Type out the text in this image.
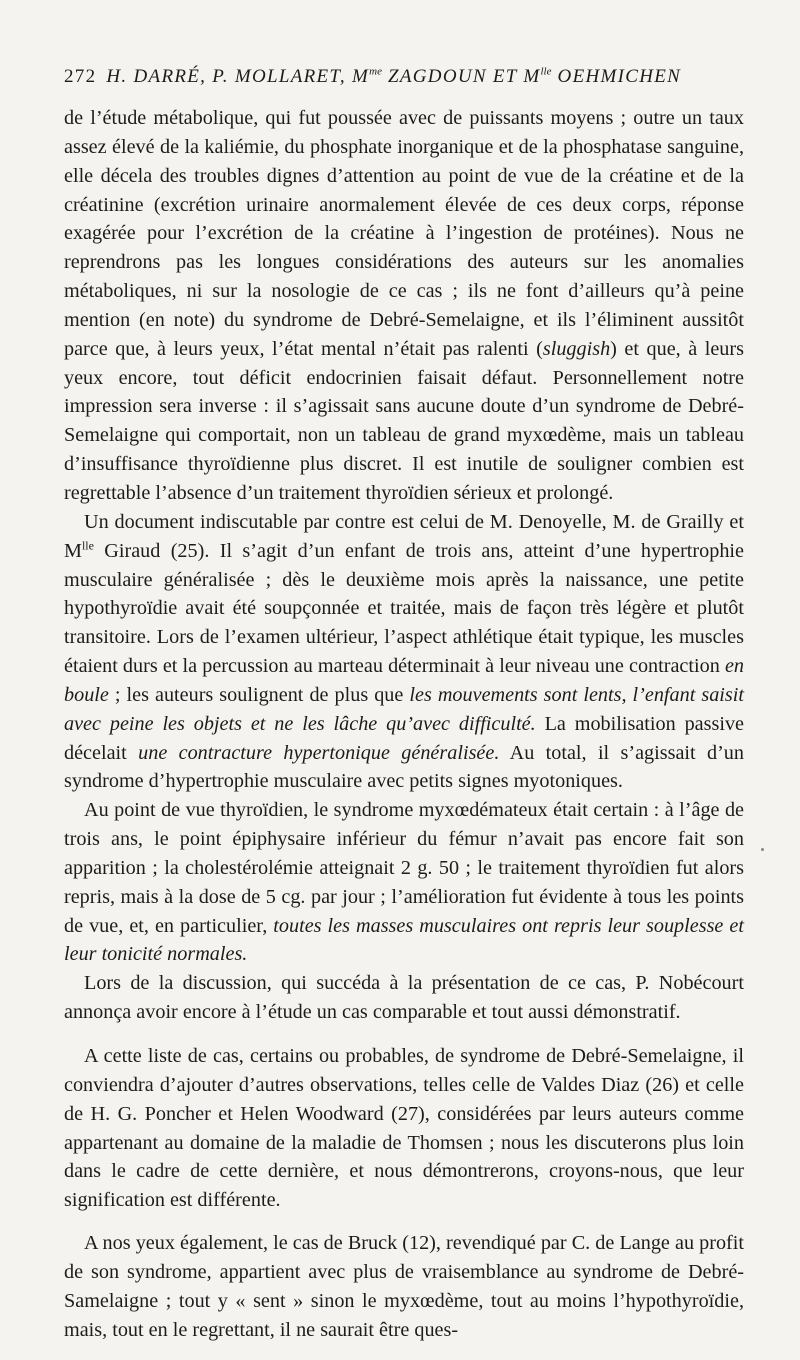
272 H. DARRÉ, P. MOLLARET, $M^{me}$ ZAGDOUN ET $M^{lle}$ OEHMICHEN

de l’étude métabolique, qui fut poussée avec de puissants moyens ; outre un taux assez élevé de la kaliémie, du phosphate inorganique et de la phosphatase sanguine, elle décela des troubles dignes d’attention au point de vue de la créatine et de la créatinine (excrétion urinaire anormalement élevée de ces deux corps, réponse exagérée pour l’excrétion de la créatine à l’ingestion de protéines). Nous ne reprendrons pas les longues considérations des auteurs sur les anomalies métaboliques, ni sur la nosologie de ce cas ; ils ne font d’ailleurs qu’à peine mention (en note) du syndrome de Debré-Semelaigne, et ils l’éliminent aussitôt parce que, à leurs yeux, l’état mental n’était pas ralenti (sluggish) et que, à leurs yeux encore, tout déficit endocrinien faisait défaut. Personnellement notre impression sera inverse : il s’agissait sans aucune doute d’un syndrome de Debré-Semelaigne qui comportait, non un tableau de grand myxœdème, mais un tableau d’insuffisance thyroïdienne plus discret. Il est inutile de souligner combien est regrettable l’absence d’un traitement thyroïdien sérieux et prolongé.

Un document indiscutable par contre est celui de M. Denoyelle, M. de Grailly et $M^{lle}$ Giraud (25). Il s’agit d’un enfant de trois ans, atteint d’une hypertrophie musculaire généralisée ; dès le deuxième mois après la naissance, une petite hypothyroïdie avait été soupçonnée et traitée, mais de façon très légère et plutôt transitoire. Lors de l’examen ultérieur, l’aspect athlétique était typique, les muscles étaient durs et la percussion au marteau déterminait à leur niveau une contraction en boule ; les auteurs soulignent de plus que les mouvements sont lents, l’enfant saisit avec peine les objets et ne les lâche qu’avec difficulté. La mobilisation passive décelait une contracture hypertonique généralisée. Au total, il s’agissait d’un syndrome d’hypertrophie musculaire avec petits signes myotoniques.

Au point de vue thyroïdien, le syndrome myxœdémateux était certain : à l’âge de trois ans, le point épiphysaire inférieur du fémur n’avait pas encore fait son apparition ; la cholestérolémie atteignait 2 g. 50 ; le traitement thyroïdien fut alors repris, mais à la dose de 5 cg. par jour ; l’amélioration fut évidente à tous les points de vue, et, en particulier, toutes les masses musculaires ont repris leur souplesse et leur tonicité normales.

Lors de la discussion, qui succéda à la présentation de ce cas, P. Nobécourt annonça avoir encore à l’étude un cas comparable et tout aussi démonstratif.

A cette liste de cas, certains ou probables, de syndrome de Debré-Semelaigne, il conviendra d’ajouter d’autres observations, telles celle de Valdes Diaz (26) et celle de H. G. Poncher et Helen Woodward (27), considérées par leurs auteurs comme appartenant au domaine de la maladie de Thomsen ; nous les discuterons plus loin dans le cadre de cette dernière, et nous démontrerons, croyons-nous, que leur signification est différente.

A nos yeux également, le cas de Bruck (12), revendiqué par C. de Lange au profit de son syndrome, appartient avec plus de vraisemblance au syndrome de Debré-Samelaigne ; tout y « sent » sinon le myxœdème, tout au moins l’hypothyroïdie, mais, tout en le regrettant, il ne saurait être ques-
